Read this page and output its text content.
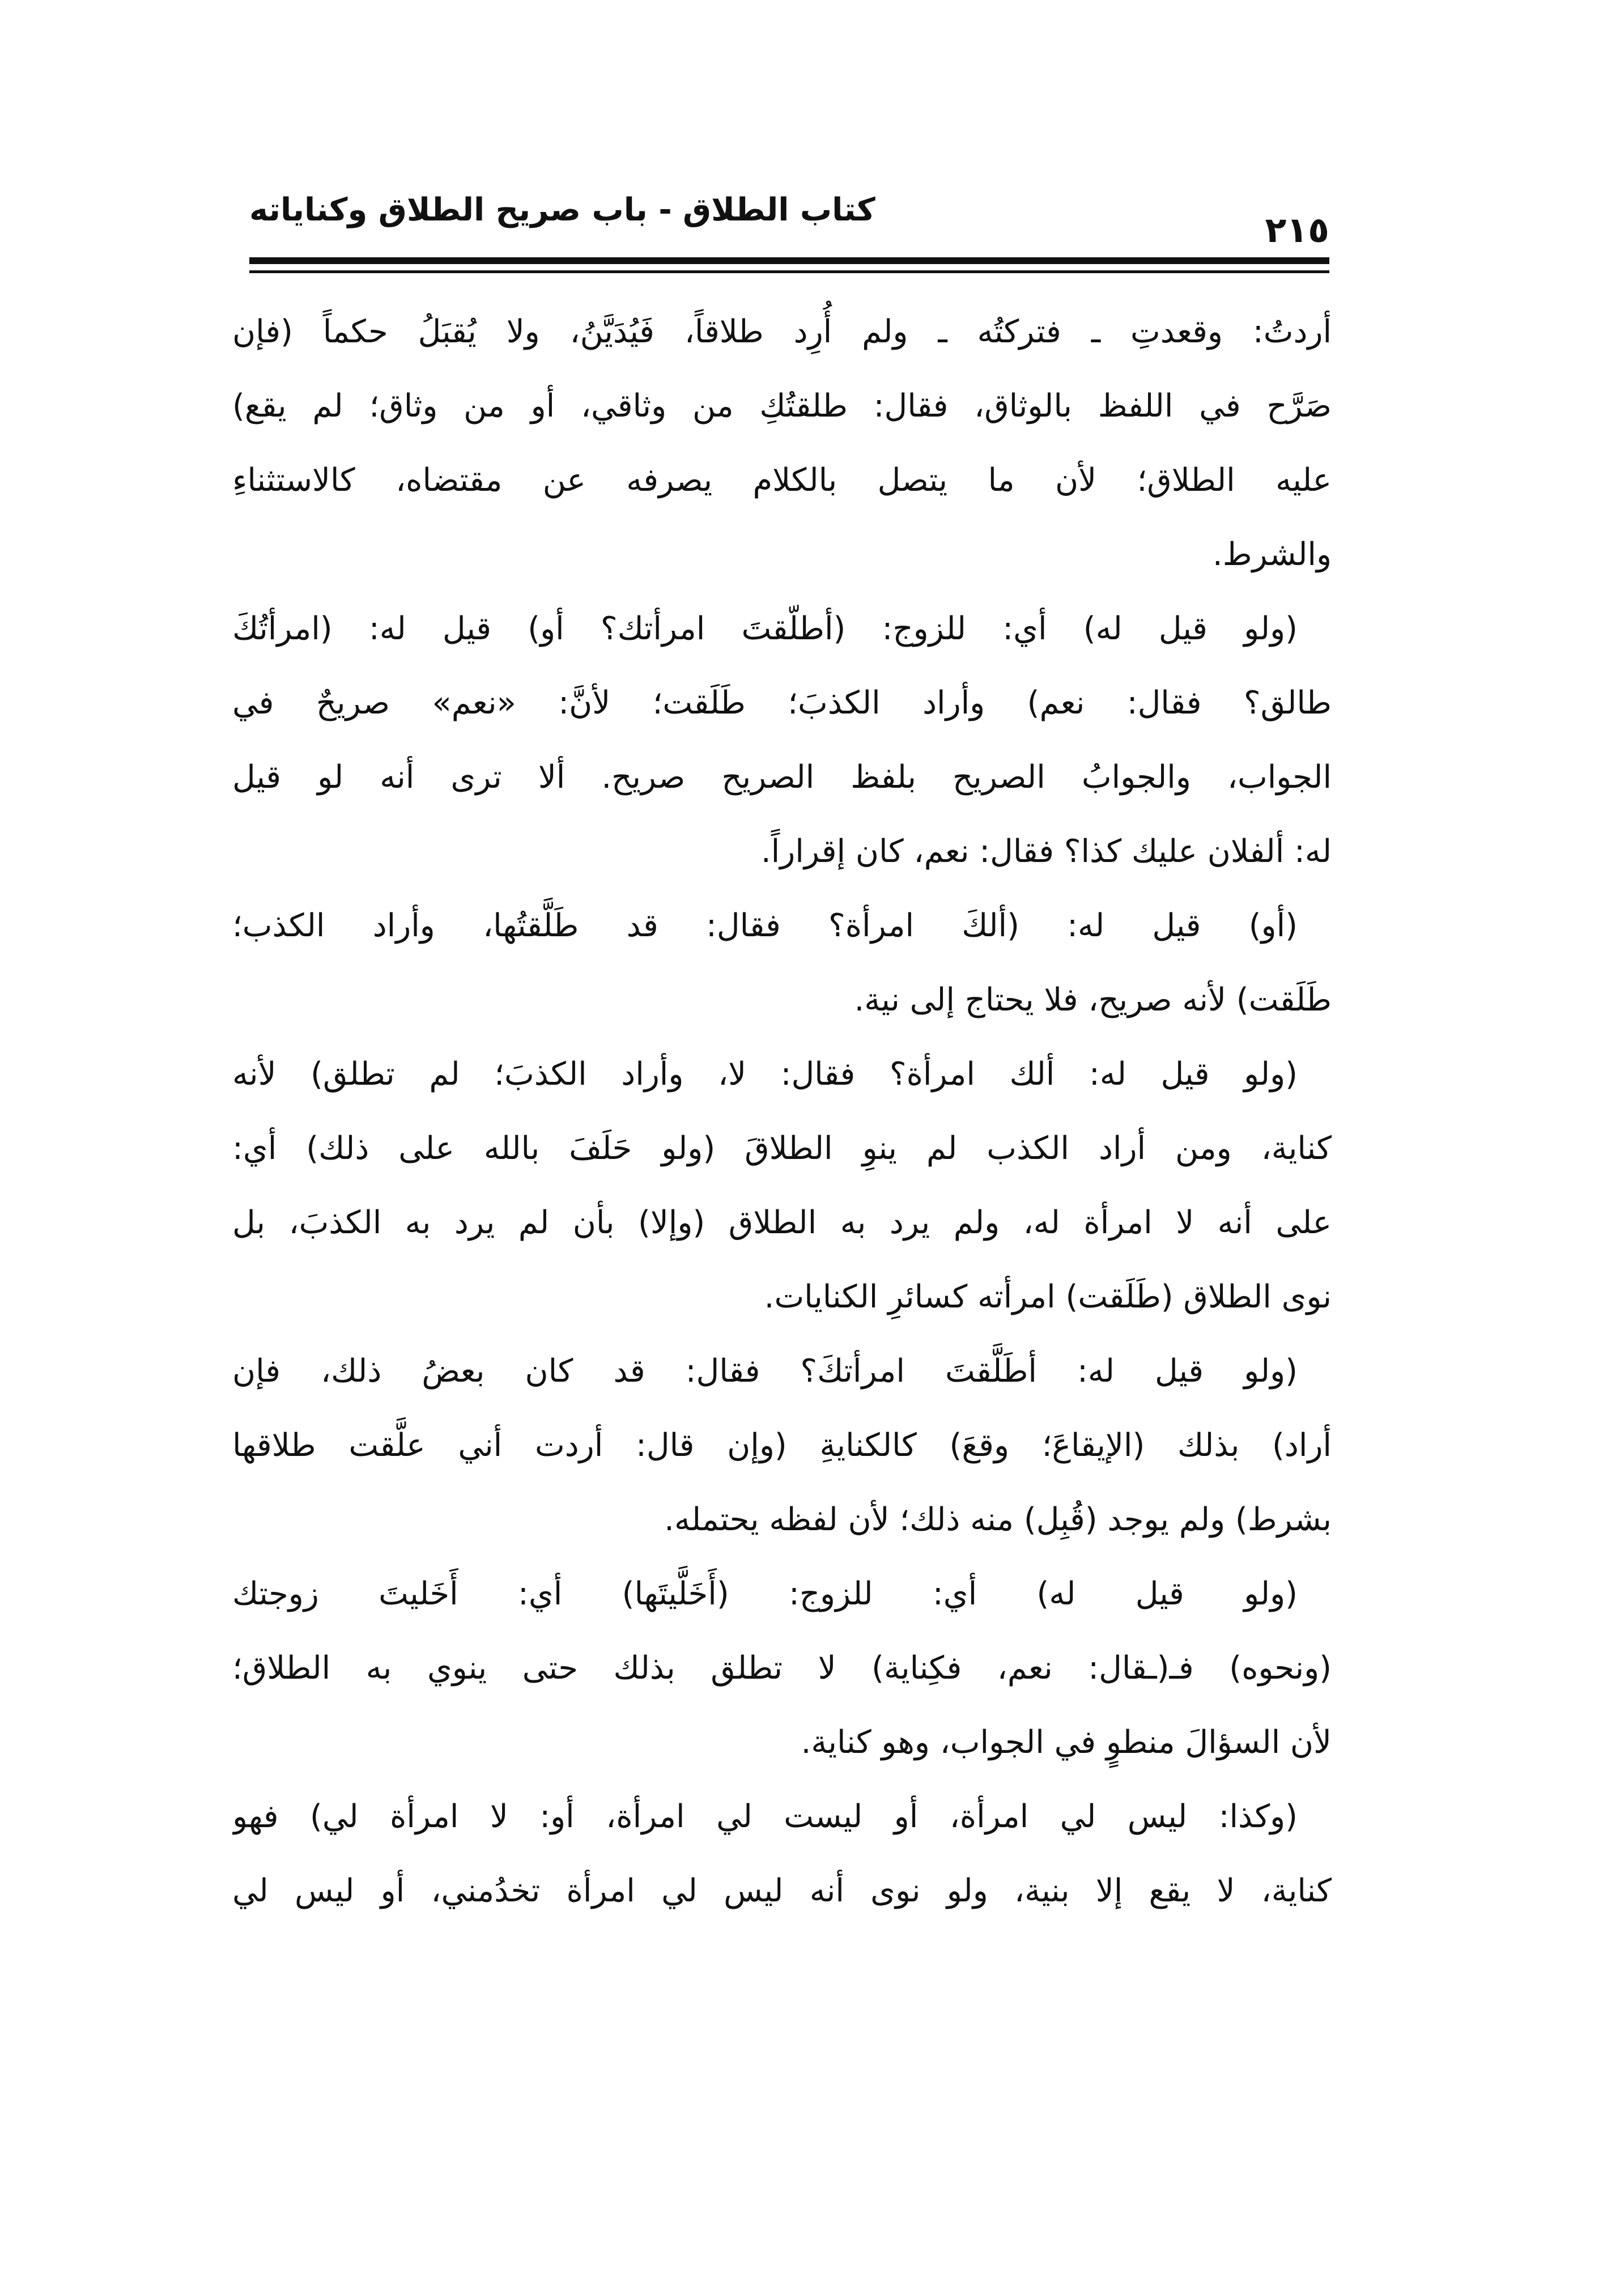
كتاب الطلاق - باب صريح الطلاق وكناياته	٢١٥
أردتُ: وقعدتِ ـ فتركتُه ـ ولم أُرِد طلاقاً، فَيُدَيَّنُ، ولا يُقبَلُ حكماً (فإن
صَرَّح في اللفظ بالوثاق، فقال: طلقتُكِ من وثاقي، أو من وثاق؛ لم يقع)
عليه الطلاق؛ لأن ما يتصل بالكلام يصرفه عن مقتضاه، كالاستثناءِ
والشرط.
(ولو قيل له) أي: للزوج: (أطلّقتَ امرأتك؟ أو) قيل له: (امرأتُكَ
طالق؟ فقال: نعم) وأراد الكذبَ؛ طَلَقت؛ لأنَّ: «نعم» صريحٌ في
الجواب، والجوابُ الصريح بلفظ الصريح صريح. ألا ترى أنه لو قيل
له: ألفلان عليك كذا؟ فقال: نعم، كان إقراراً.
(أو) قيل له: (ألكَ امرأة؟ فقال: قد طَلَّقتُها، وأراد الكذب؛
طَلَقت) لأنه صريح، فلا يحتاج إلى نية.
(ولو قيل له: ألك امرأة؟ فقال: لا، وأراد الكذبَ؛ لم تطلق) لأنه
كناية، ومن أراد الكذب لم ينوِ الطلاقَ (ولو حَلَفَ بالله على ذلك) أي:
على أنه لا امرأة له، ولم يرد به الطلاق (وإلا) بأن لم يرد به الكذبَ، بل
نوى الطلاق (طَلَقت) امرأته كسائرِ الكنايات.
(ولو قيل له: أطَلَّقتَ امرأتكَ؟ فقال: قد كان بعضُ ذلك، فإن
أراد) بذلك (الإيقاعَ؛ وقعَ) كالكنايةِ (وإن قال: أردت أني علَّقت طلاقها
بشرط) ولم يوجد (قُبِل) منه ذلك؛ لأن لفظه يحتمله.
(ولو قيل له) أي: للزوج: (أَخَلَّيتَها) أي: أَخَليتَ زوجتك
(ونحوه) فـ(ـقال: نعم، فكِناية) لا تطلق بذلك حتى ينوي به الطلاق؛
لأن السؤالَ منطوٍ في الجواب، وهو كناية.
(وكذا: ليس لي امرأة، أو ليست لي امرأة، أو: لا امرأة لي) فهو
كناية، لا يقع إلا بنية، ولو نوى أنه ليس لي امرأة تخدُمني، أو ليس لي
